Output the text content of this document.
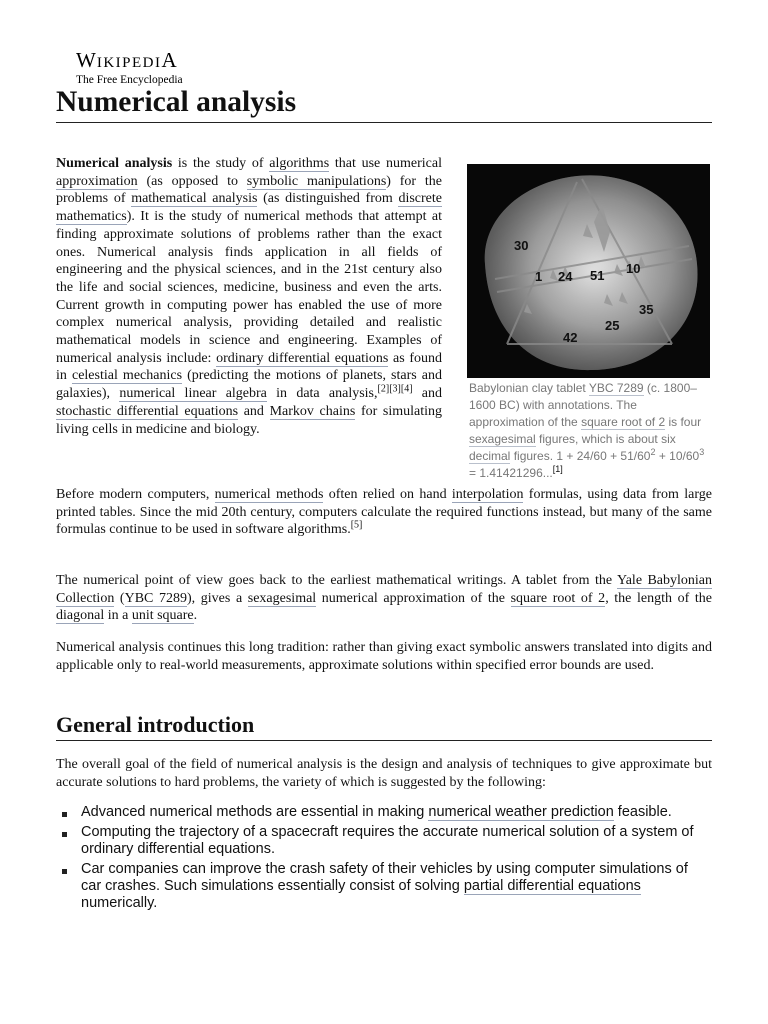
WIKIPEDIA
The Free Encyclopedia
Numerical analysis
30
1 24 51 10
35
25
42
Babylonian clay tablet YBC 7289 (c. 1800–1600 BC) with annotations. The approximation of the square root of 2 is four sexagesimal figures, which is about six decimal figures. $1 + 24/60 + 51/60^2 + 10/60^3 = 1.41421296...[1]$

Numerical analysis is the study of algorithms that use numerical approximation (as opposed to symbolic manipulations) for the problems of mathematical analysis (as distinguished from discrete mathematics). It is the study of numerical methods that attempt at finding approximate solutions of problems rather than the exact ones. Numerical analysis finds application in all fields of engineering and the physical sciences, and in the 21st century also the life and social sciences, medicine, business and even the arts. Current growth in computing power has enabled the use of more complex numerical analysis, providing detailed and realistic mathematical models in science and engineering. Examples of numerical analysis include: ordinary differential equations as found in celestial mechanics (predicting the motions of planets, stars and galaxies), numerical linear algebra in data analysis,[2][3][4] and stochastic differential equations and Markov chains for simulating living cells in medicine and biology.

Before modern computers, numerical methods often relied on hand interpolation formulas, using data from large printed tables. Since the mid 20th century, computers calculate the required functions instead, but many of the same formulas continue to be used in software algorithms.[5]

The numerical point of view goes back to the earliest mathematical writings. A tablet from the Yale Babylonian Collection (YBC 7289), gives a sexagesimal numerical approximation of the square root of 2, the length of the diagonal in a unit square.

Numerical analysis continues this long tradition: rather than giving exact symbolic answers translated into digits and applicable only to real-world measurements, approximate solutions within specified error bounds are used.

General introduction

The overall goal of the field of numerical analysis is the design and analysis of techniques to give approximate but accurate solutions to hard problems, the variety of which is suggested by the following:

Advanced numerical methods are essential in making numerical weather prediction feasible.
Computing the trajectory of a spacecraft requires the accurate numerical solution of a system of ordinary differential equations.
Car companies can improve the crash safety of their vehicles by using computer simulations of car crashes. Such simulations essentially consist of solving partial differential equations numerically.
